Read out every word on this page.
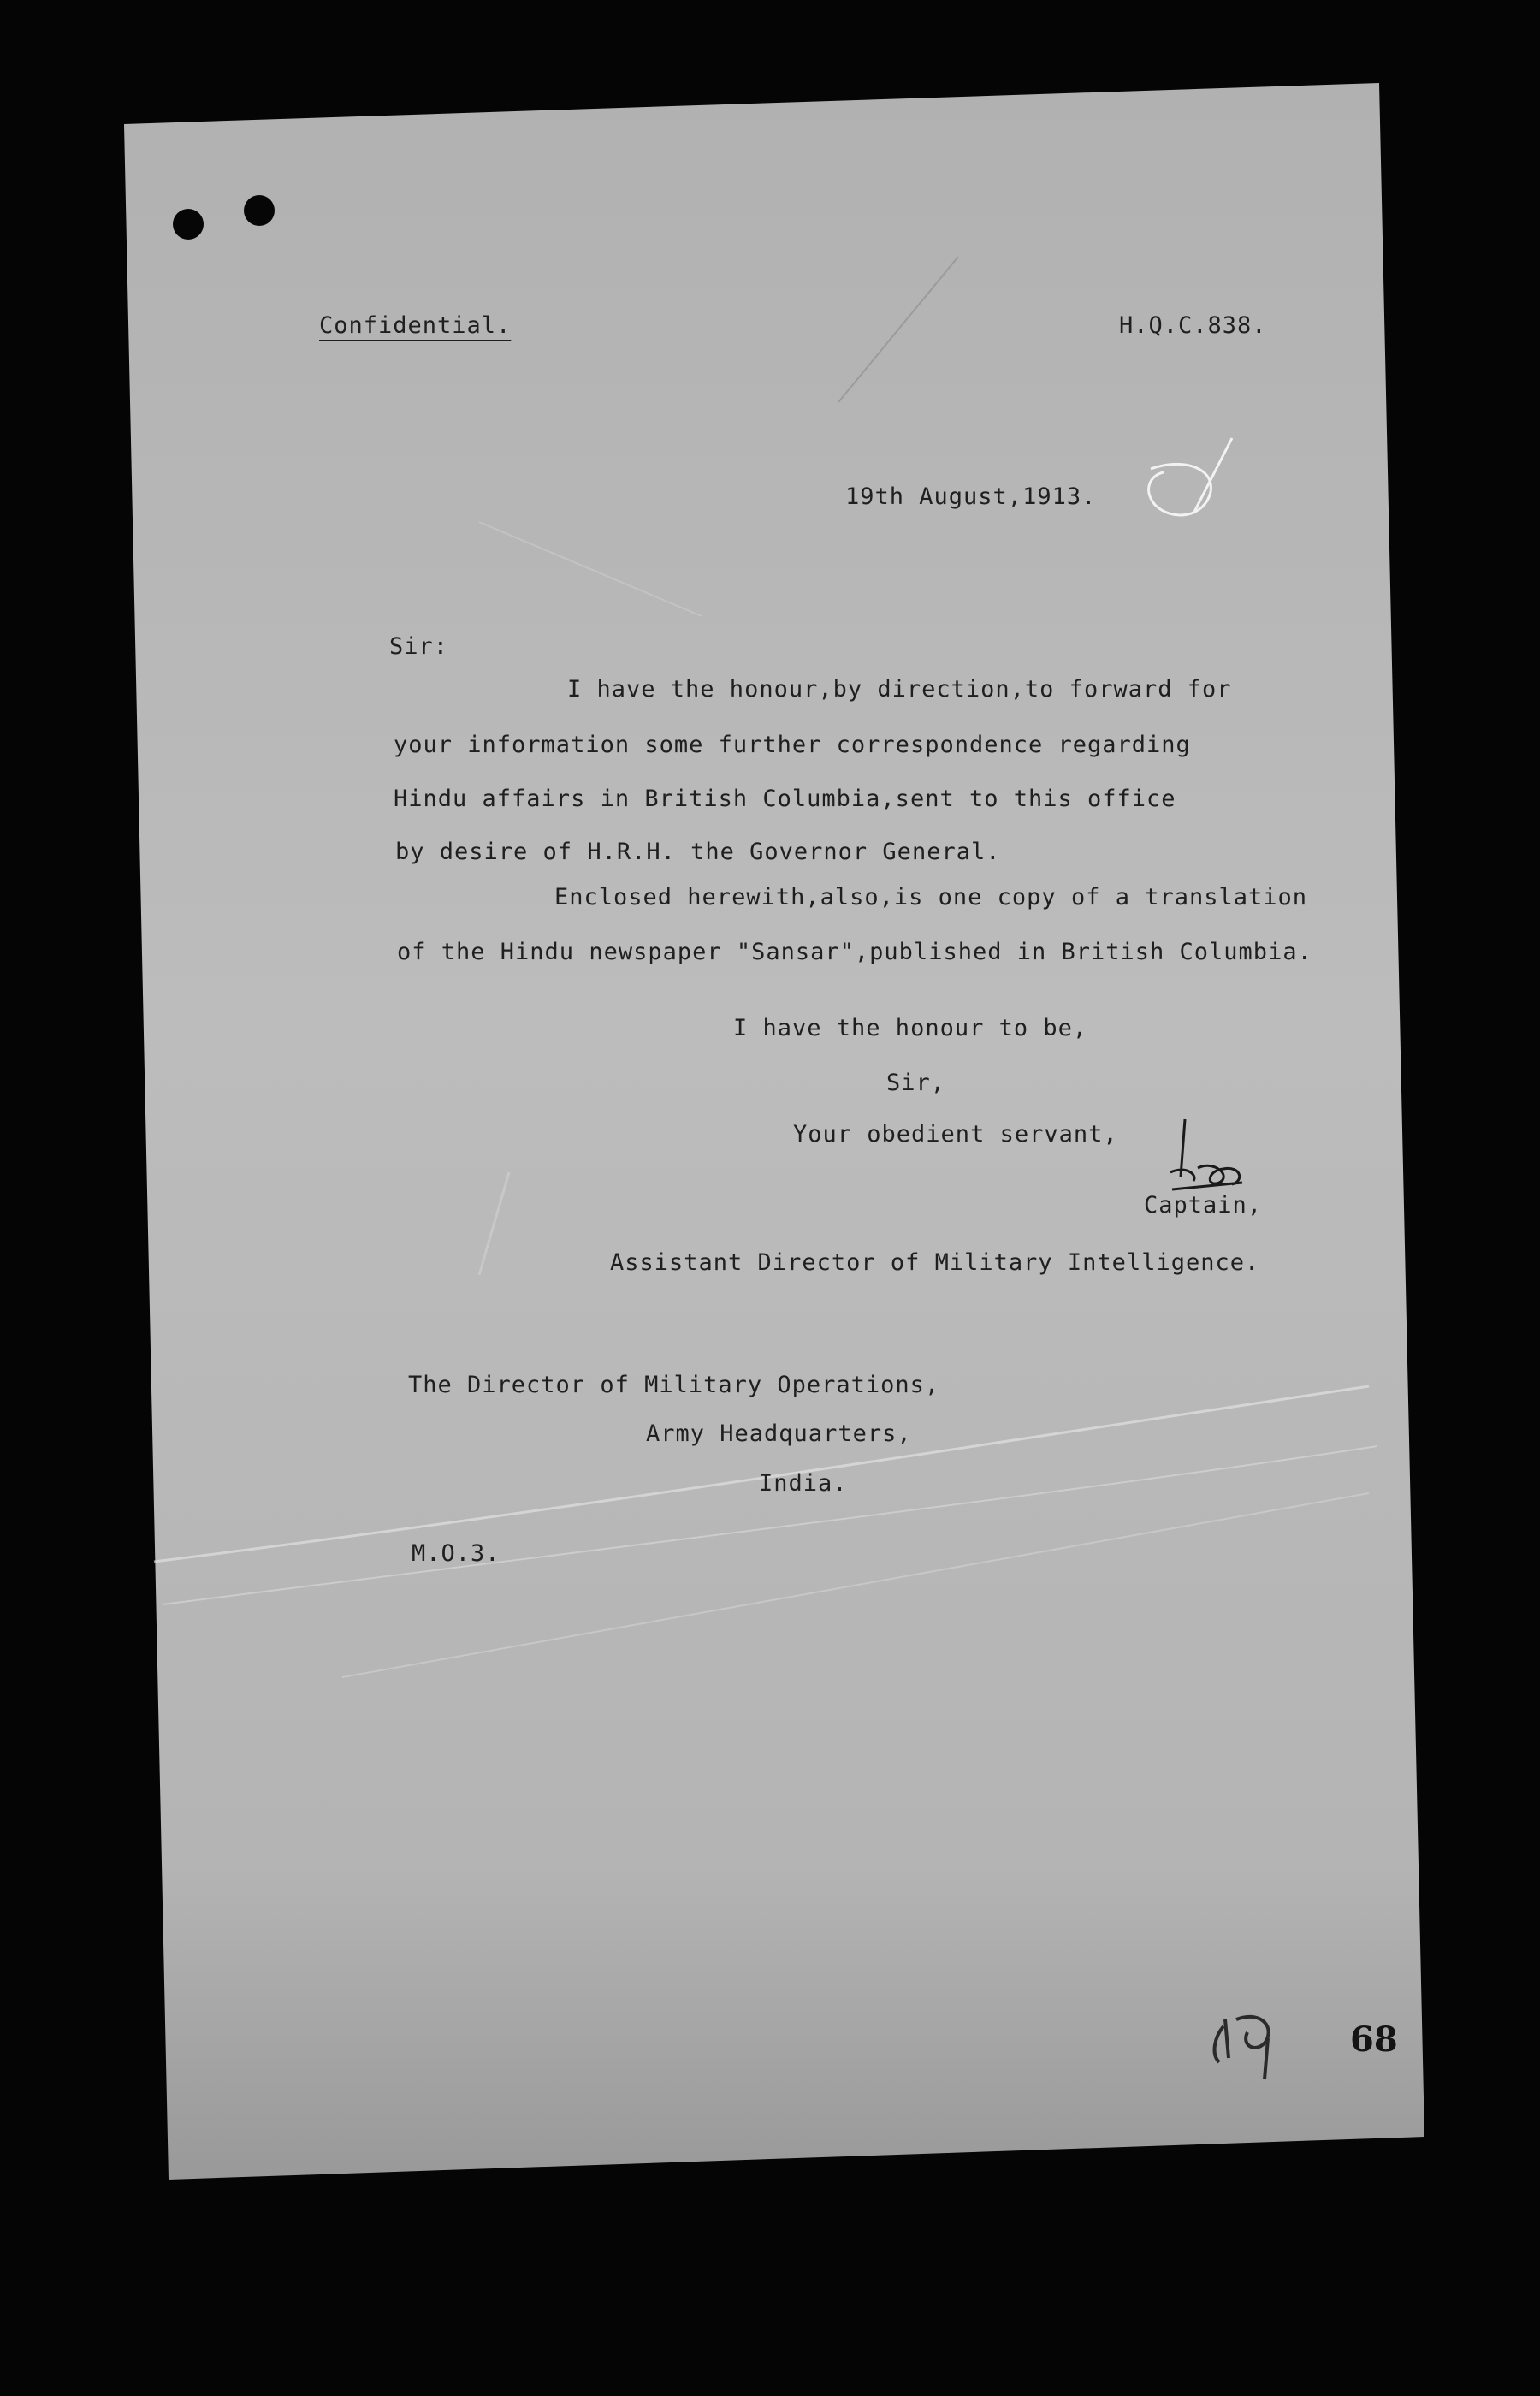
Confidential.	H.Q.C.838.
19th August,1913.
Sir:
I have the honour,by direction,to forward for
your information some further correspondence regarding
Hindu affairs in British Columbia,sent to this office
by desire of H.R.H. the Governor General.
Enclosed herewith,also,is one copy of a translation
of the Hindu newspaper "Sansar",published in British Columbia.
I have the honour to be,
Sir,
Your obedient servant,
Captain,
Assistant Director of Military Intelligence.
The Director of Military Operations,
Army Headquarters,
India.
M.O.3.
68
